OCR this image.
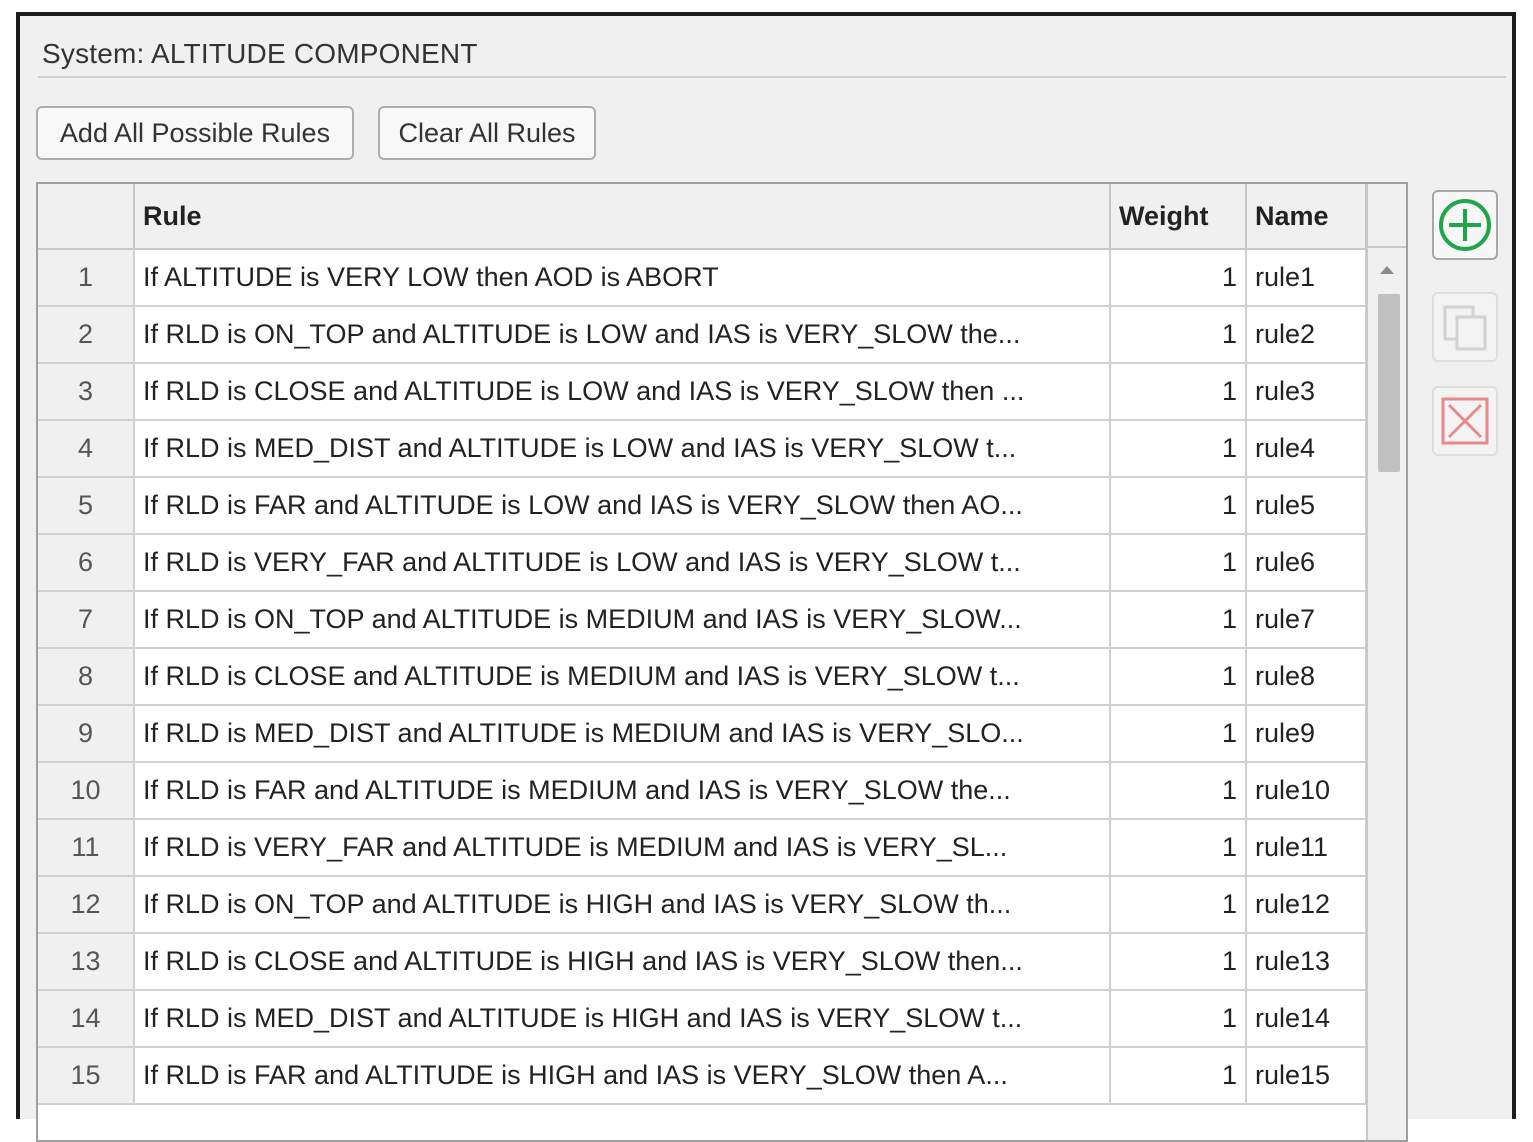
System: ALTITUDE COMPONENT
Add All Possible Rules	Clear All Rules
	Rule	Weight	Name
1	If ALTITUDE is VERY LOW then AOD is ABORT	1	rule1
2	If RLD is ON_TOP and ALTITUDE is LOW and IAS is VERY_SLOW the...	1	rule2
3	If RLD is CLOSE and ALTITUDE is LOW and IAS is VERY_SLOW then ...	1	rule3
4	If RLD is MED_DIST and ALTITUDE is LOW and IAS is VERY_SLOW t...	1	rule4
5	If RLD is FAR and ALTITUDE is LOW and IAS is VERY_SLOW then AO...	1	rule5
6	If RLD is VERY_FAR and ALTITUDE is LOW and IAS is VERY_SLOW t...	1	rule6
7	If RLD is ON_TOP and ALTITUDE is MEDIUM and IAS is VERY_SLOW...	1	rule7
8	If RLD is CLOSE and ALTITUDE is MEDIUM and IAS is VERY_SLOW t...	1	rule8
9	If RLD is MED_DIST and ALTITUDE is MEDIUM and IAS is VERY_SLO...	1	rule9
10	If RLD is FAR and ALTITUDE is MEDIUM and IAS is VERY_SLOW the...	1	rule10
11	If RLD is VERY_FAR and ALTITUDE is MEDIUM and IAS is VERY_SL...	1	rule11
12	If RLD is ON_TOP and ALTITUDE is HIGH and IAS is VERY_SLOW th...	1	rule12
13	If RLD is CLOSE and ALTITUDE is HIGH and IAS is VERY_SLOW then...	1	rule13
14	If RLD is MED_DIST and ALTITUDE is HIGH and IAS is VERY_SLOW t...	1	rule14
15	If RLD is FAR and ALTITUDE is HIGH and IAS is VERY_SLOW then A...	1	rule15
